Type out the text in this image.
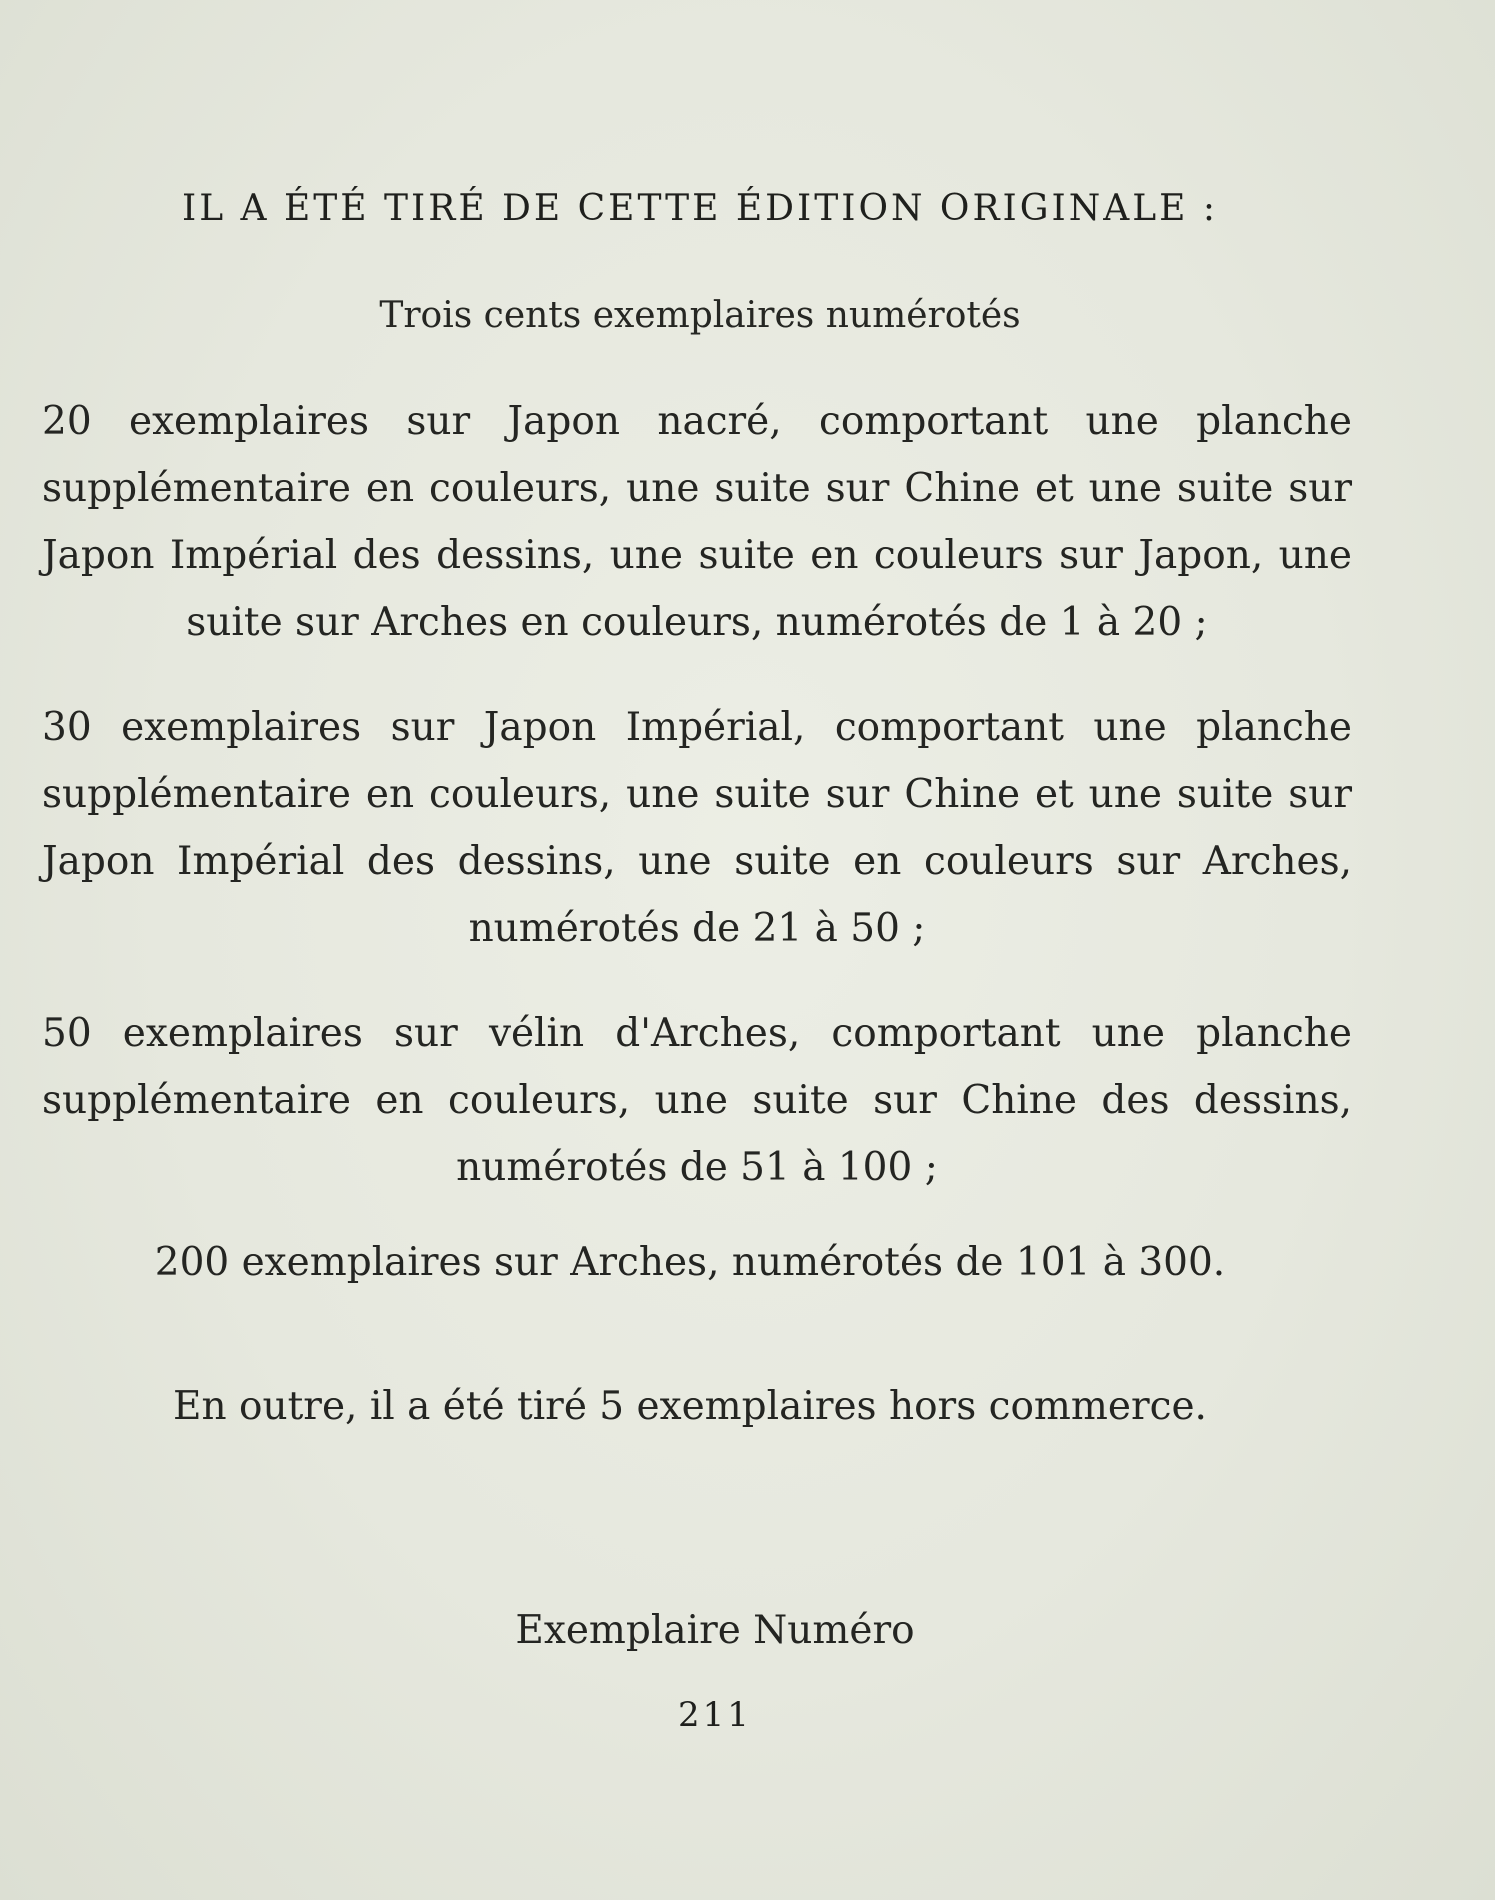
IL A ÉTÉ TIRÉ DE CETTE ÉDITION ORIGINALE :
Trois cents exemplaires numérotés

20 exemplaires sur Japon nacré, comportant une planche supplémentaire en couleurs, une suite sur Chine et une suite sur Japon Impérial des dessins, une suite en couleurs sur Japon, une suite sur Arches en couleurs, numérotés de 1 à 20 ;

30 exemplaires sur Japon Impérial, comportant une planche supplémentaire en couleurs, une suite sur Chine et une suite sur Japon Impérial des dessins, une suite en couleurs sur Arches, numérotés de 21 à 50 ;

50 exemplaires sur vélin d'Arches, comportant une planche supplémentaire en couleurs, une suite sur Chine des dessins, numérotés de 51 à 100 ;

200 exemplaires sur Arches, numérotés de 101 à 300.
En outre, il a été tiré 5 exemplaires hors commerce.
Exemplaire Numéro
211
